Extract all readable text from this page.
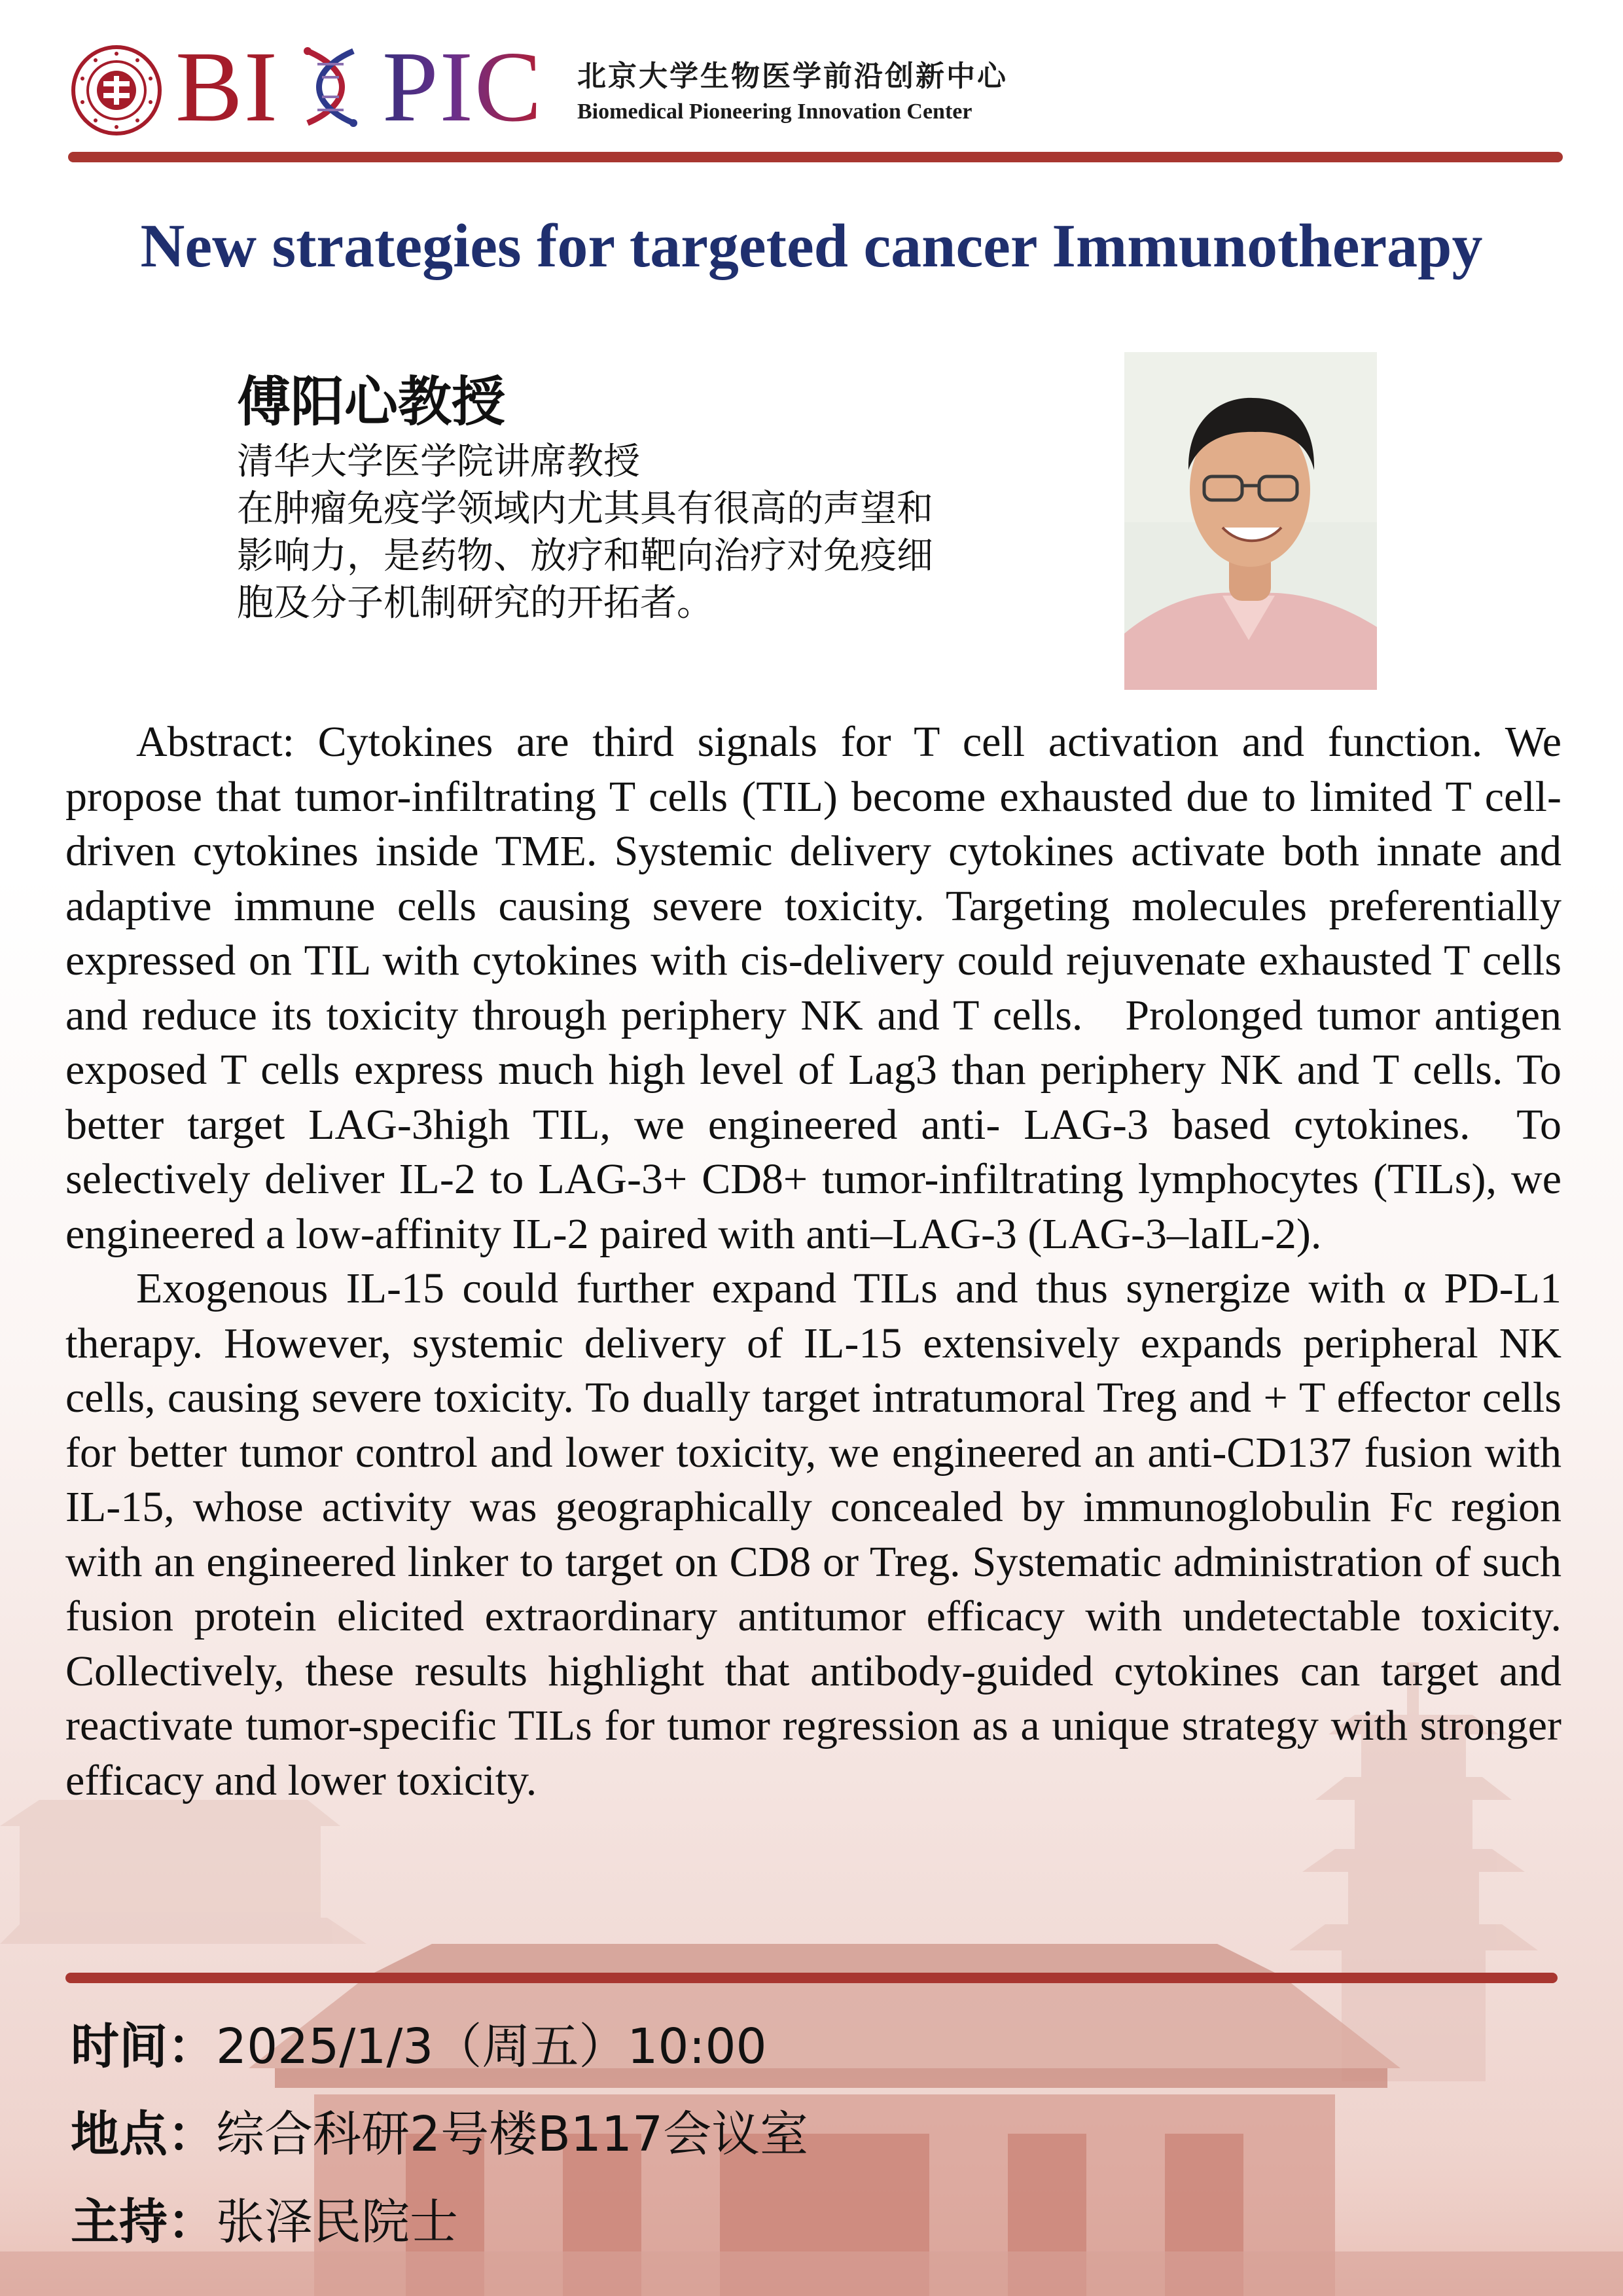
BI PIC 北京大学生物医学前沿创新中心
Biomedical Pioneering Innovation Center
New strategies for targeted cancer Immunotherapy
傅阳心教授
清华大学医学院讲席教授
在肿瘤免疫学领域内尤其具有很高的声望和
影响力，是药物、放疗和靶向治疗对免疫细
胞及分子机制研究的开拓者。

Abstract: Cytokines are third signals for T cell activation and function. We propose that tumor-infiltrating T cells (TIL) become exhausted due to limited T cell-driven cytokines inside TME. Systemic delivery cytokines activate both innate and adaptive immune cells causing severe toxicity. Targeting molecules preferentially expressed on TIL with cytokines with cis-delivery could rejuvenate exhausted T cells and reduce its toxicity through periphery NK and T cells.   Prolonged tumor antigen exposed T cells express much high level of Lag3 than periphery NK and T cells. To better target LAG-3high TIL, we engineered anti- LAG-3 based cytokines.  To selectively deliver IL-2 to LAG-3+ CD8+ tumor-infiltrating lymphocytes (TILs), we engineered a low-affinity IL-2 paired with anti–LAG-3 (LAG-3–laIL-2).

Exogenous IL-15 could further expand TILs and thus synergize with α PD-L1 therapy. However, systemic delivery of IL-15 extensively expands peripheral NK cells, causing severe toxicity. To dually target intratumoral Treg and + T effector cells for better tumor control and lower toxicity, we engineered an anti-CD137 fusion with IL-15, whose activity was geographically concealed by immunoglobulin Fc region with an engineered linker to target on CD8 or Treg. Systematic administration of such fusion protein elicited extraordinary antitumor efficacy with undetectable toxicity. Collectively, these results highlight that antibody-guided cytokines can target and reactivate tumor-specific TILs for tumor regression as a unique strategy with stronger efficacy and lower toxicity.

时间：2025/1/3（周五）10:00
地点：综合科研2号楼B117会议室
主持：张泽民院士
